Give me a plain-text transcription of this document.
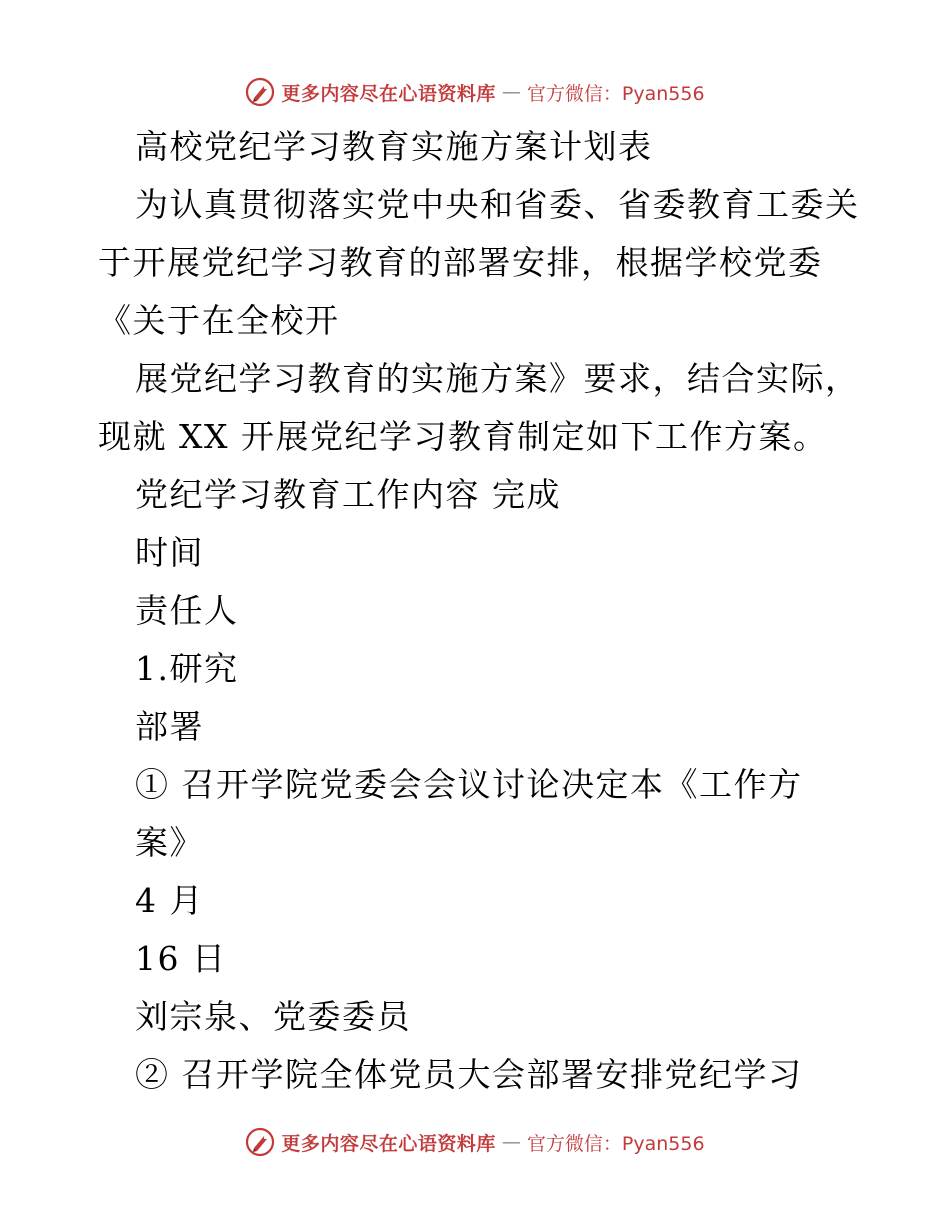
更多内容尽在心语资料库 — 官方微信：Pyan556
高校党纪学习教育实施方案计划表
为认真贯彻落实党中央和省委、省委教育工委关
于开展党纪学习教育的部署安排，根据学校党委
《关于在全校开
展党纪学习教育的实施方案》要求，结合实际，
现就 XX 开展党纪学习教育制定如下工作方案。
党纪学习教育工作内容 完成
时间
责任人
1.研究
部署
① 召开学院党委会会议讨论决定本《工作方
案》
4 月
16 日
刘宗泉、党委委员
② 召开学院全体党员大会部署安排党纪学习
更多内容尽在心语资料库 — 官方微信：Pyan556
